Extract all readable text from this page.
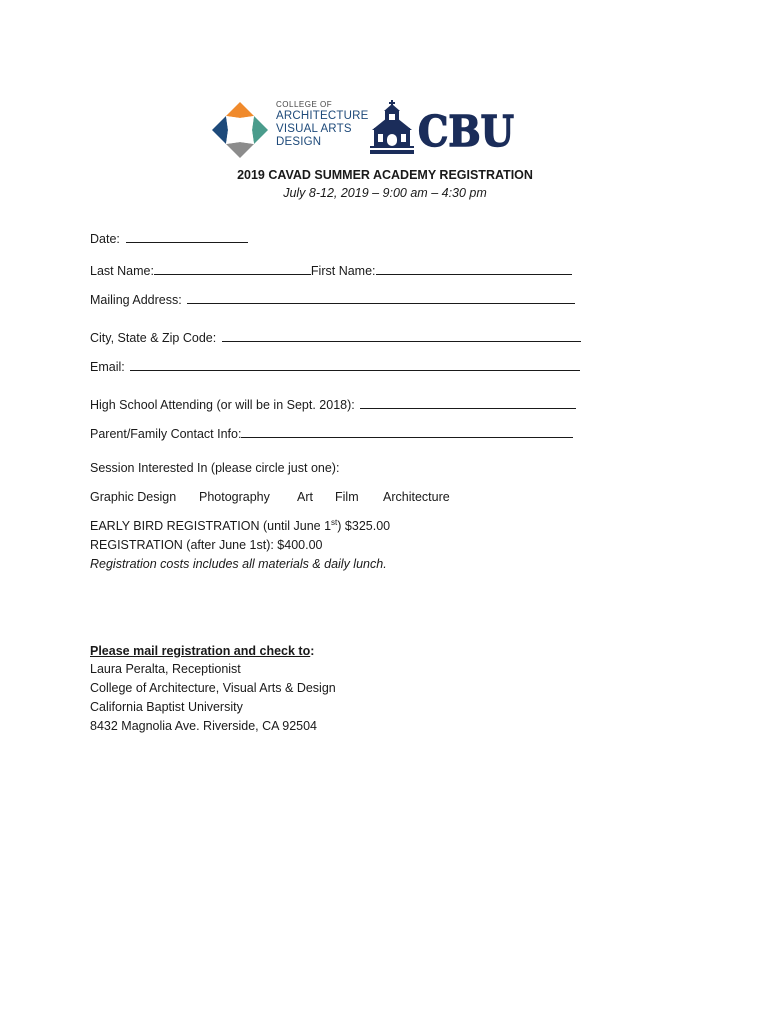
COLLEGE OF
ARCHITECTURE
VISUAL ARTS
DESIGN	CBU
2019 CAVAD SUMMER ACADEMY REGISTRATION
July 8-12, 2019 – 9:00 am – 4:30 pm
Date:
Last Name:	First Name:
Mailing Address:
City, State & Zip Code:
Email:
High School Attending (or will be in Sept. 2018):
Parent/Family Contact Info:
Session Interested In (please circle just one):
Graphic Design Photography Art Film Architecture
EARLY BIRD REGISTRATION (until June 1st) $325.00
REGISTRATION (after June 1st): $400.00
Registration costs includes all materials & daily lunch.
Please mail registration and check to:
Laura Peralta, Receptionist
College of Architecture, Visual Arts & Design
California Baptist University
8432 Magnolia Ave. Riverside, CA 92504
